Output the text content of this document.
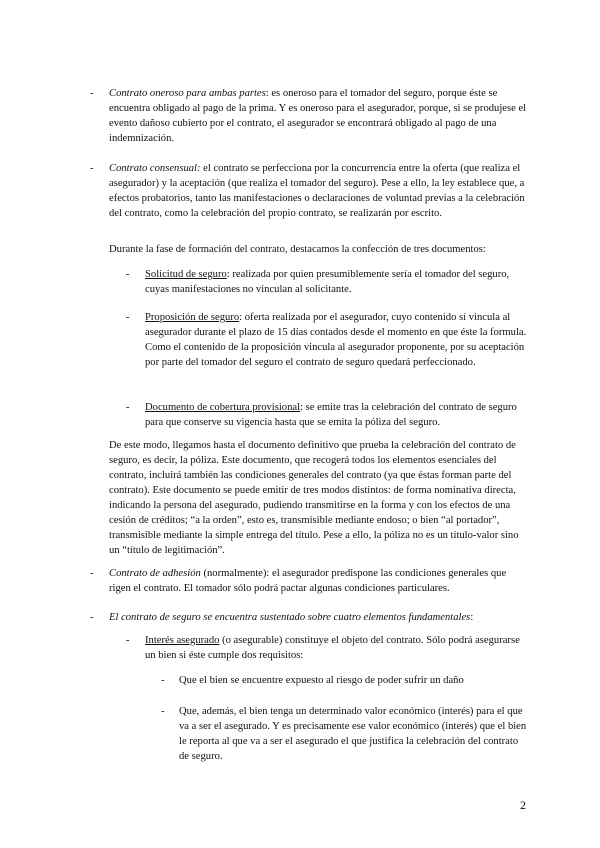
- Contrato oneroso para ambas partes: es oneroso para el tomador del seguro, porque éste se encuentra obligado al pago de la prima. Y es oneroso para el asegurador, porque, si se produjese el evento dañoso cubierto por el contrato, el asegurador se encontrará obligado al pago de una indemnización.
- Contrato consensual: el contrato se perfecciona por la concurrencia entre la oferta (que realiza el asegurador) y la aceptación (que realiza el tomador del seguro). Pese a ello, la ley establece que, a efectos probatorios, tanto las manifestaciones o declaraciones de voluntad previas a la celebración del contrato, como la celebración del propio contrato, se realizarán por escrito.
Durante la fase de formación del contrato, destacamos la confección de tres documentos:
- Solicitud de seguro: realizada por quien presumiblemente sería el tomador del seguro, cuyas manifestaciones no vinculan al solicitante.
- Proposición de seguro: oferta realizada por el asegurador, cuyo contenido sí vincula al asegurador durante el plazo de 15 días contados desde el momento en que éste la formula. Como el contenido de la proposición vincula al asegurador proponente, por su aceptación por parte del tomador del seguro el contrato de seguro quedará perfeccionado.
- Documento de cobertura provisional: se emite tras la celebración del contrato de seguro para que conserve su vigencia hasta que se emita la póliza del seguro.
De este modo, llegamos hasta el documento definitivo que prueba la celebración del contrato de seguro, es decir, la póliza. Este documento, que recogerá todos los elementos esenciales del contrato, incluirá también las condiciones generales del contrato (ya que éstas forman parte del contrato). Este documento se puede emitir de tres modos distintos: de forma nominativa directa, indicando la persona del asegurado, pudiendo transmitirse en la forma y con los efectos de una cesión de créditos; “a la orden”, esto es, transmisible mediante endoso; o bien “al portador”, transmisible mediante la simple entrega del título. Pese a ello, la póliza no es un título-valor sino un “título de legitimación”.
- Contrato de adhesión (normalmente): el asegurador predispone las condiciones generales que rigen el contrato. El tomador sólo podrá pactar algunas condiciones particulares.
- El contrato de seguro se encuentra sustentado sobre cuatro elementos fundamentales:
- Interés asegurado (o asegurable) constituye el objeto del contrato. Sólo podrá asegurarse un bien si éste cumple dos requisitos:
- Que el bien se encuentre expuesto al riesgo de poder sufrir un daño
- Que, además, el bien tenga un determinado valor económico (interés) para el que va a ser el asegurado. Y es precisamente ese valor económico (interés) que el bien le reporta al que va a ser el asegurado el que justifica la celebración del contrato de seguro.
2
